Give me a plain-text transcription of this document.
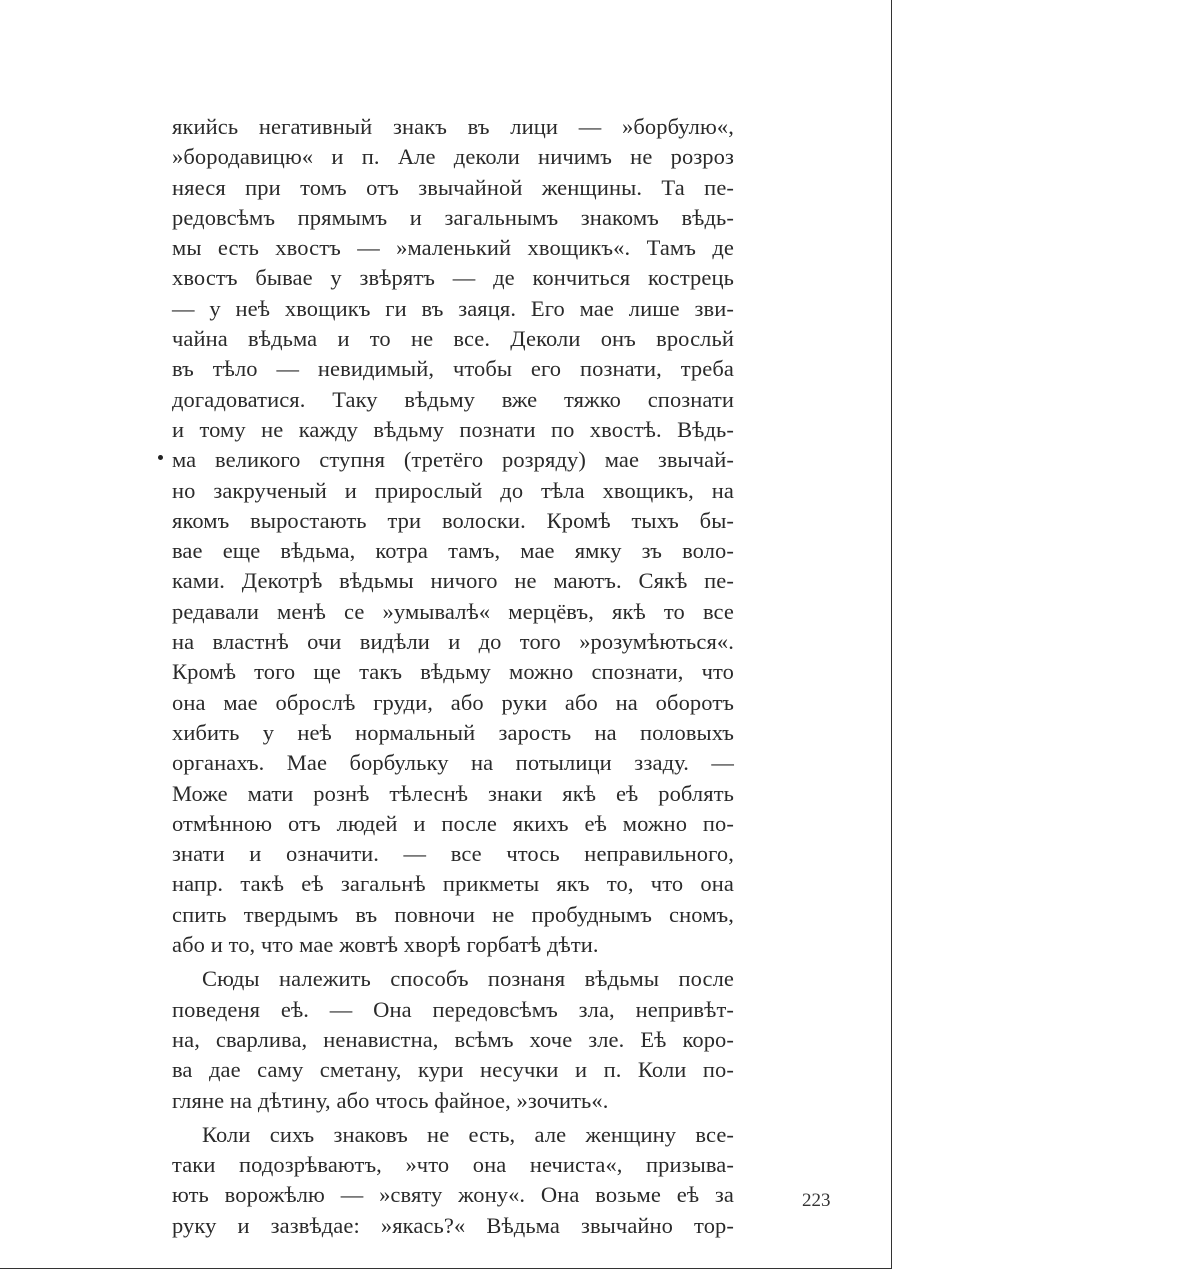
якийсь негативный знакъ въ лици — »борбулю«,
»бородавицю« и п. Але деколи ничимъ не розроз
няеся при томъ отъ звычайной женщины. Та пе-
редовсѣмъ прямымъ и загальнымъ знакомъ вѣдь-
мы есть хвостъ — »маленький хвощикъ«. Тамъ де
хвостъ бывае у звѣрятъ — де кончиться кострець
— у неѣ хвощикъ ги въ заяця. Его мае лише зви-
чайна вѣдьма и то не все. Деколи онъ вросльй
въ тѣло — невидимый, чтобы его познати, треба
догадоватися. Таку вѣдьму вже тяжко спознати
и тому не кажду вѣдьму познати по хвостѣ. Вѣдь-
ма великого ступня (третёго розряду) мае звычай-
но закрученый и прирослый до тѣла хвощикъ, на
якомъ выростають три волоски. Кромѣ тыхъ бы-
вае еще вѣдьма, котра тамъ, мае ямку зъ воло-
ками. Декотрѣ вѣдьмы ничого не маютъ. Сякѣ пе-
редавали менѣ се »умывалѣ« мерцёвъ, якѣ то все
на властнѣ очи видѣли и до того »розумѣються«.
Кромѣ того ще такъ вѣдьму можно спознати, что
она мае оброслѣ груди, або руки або на оборотъ
хибить у неѣ нормальный зарость на половыхъ
органахъ. Мае борбульку на потылици ззаду. —
Може мати рознѣ тѣлеснѣ знаки якѣ еѣ роблять
отмѣнною отъ людей и после якихъ еѣ можно по-
знати и означити. — все чтось неправильного,
напр. такѣ еѣ загальнѣ прикметы якъ то, что она
спить твердымъ въ повночи не пробуднымъ сномъ,
або и то, что мае жовтѣ хворѣ горбатѣ дѣти.
Сюды належить способъ познаня вѣдьмы после
поведеня еѣ. — Она передовсѣмъ зла, непривѣт-
на, сварлива, ненавистна, всѣмъ хоче зле. Еѣ коро-
ва дае саму сметану, кури несучки и п. Коли по-
гляне на дѣтину, або чтось файное, »зочить«.
Коли сихъ знаковъ не есть, але женщину все-
таки подозрѣваютъ, »что она нечиста«, призыва-
ють ворожѣлю — »святу жону«. Она возьме еѣ за
руку и зазвѣдае: »якась?« Вѣдьма звычайно тор-
223
